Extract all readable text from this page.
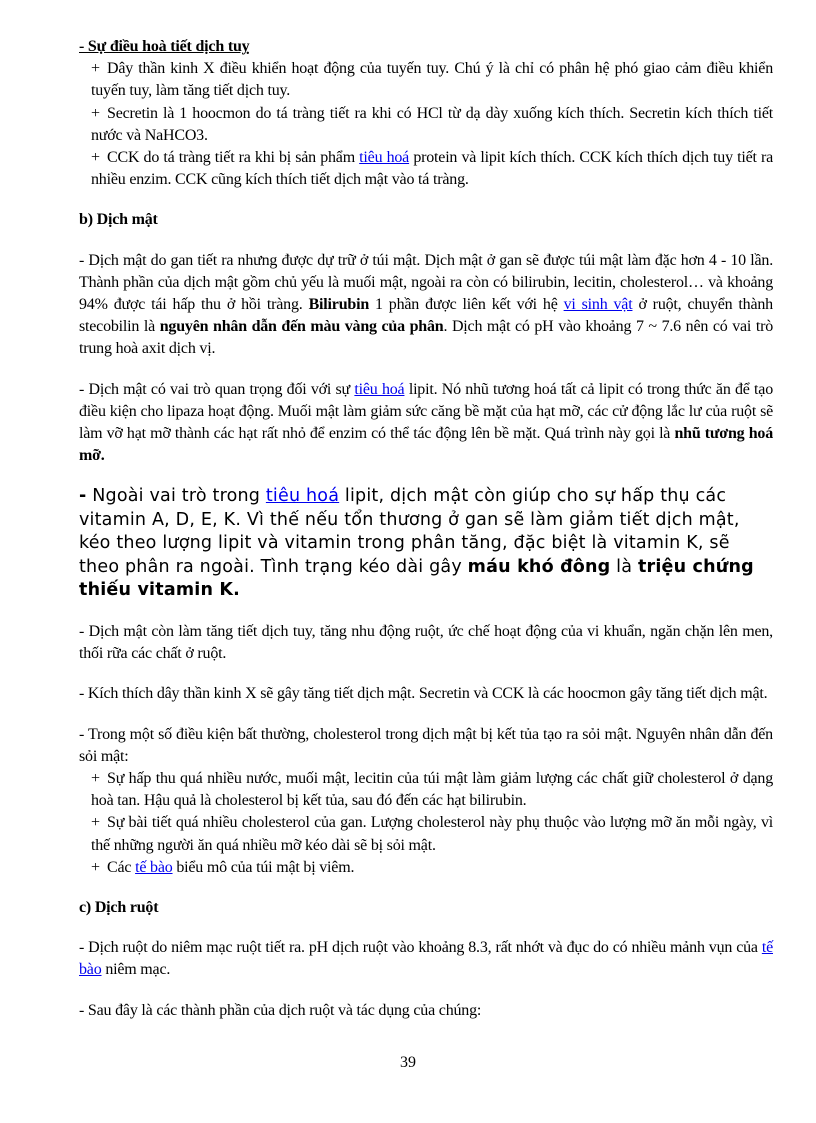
- Sự điều hoà tiết dịch tuỵ

+ Dây thần kinh X điều khiển hoạt động của tuyến tuy. Chú ý là chỉ có phân hệ phó giao cảm điều khiển tuyến tuy, làm tăng tiết dịch tuy.

+ Secretin là 1 hoocmon do tá tràng tiết ra khi có HCl từ dạ dày xuống kích thích. Secretin kích thích tiết nước và NaHCO3.

+ CCK do tá tràng tiết ra khi bị sản phẩm tiêu hoá protein và lipit kích thích. CCK kích thích dịch tuy tiết ra nhiều enzim. CCK cũng kích thích tiết dịch mật vào tá tràng.

b) Dịch mật

- Dịch mật do gan tiết ra nhưng được dự trữ ở túi mật. Dịch mật ở gan sẽ được túi mật làm đặc hơn 4 - 10 lần. Thành phần của dịch mật gồm chủ yếu là muối mật, ngoài ra còn có bilirubin, lecitin, cholesterol… và khoảng 94% được tái hấp thu ở hồi tràng. Bilirubin 1 phần được liên kết với hệ vi sinh vật ở ruột, chuyển thành stecobilin là nguyên nhân dẫn đến màu vàng của phân. Dịch mật có pH vào khoảng 7 ~ 7.6 nên có vai trò trung hoà axit dịch vị.

- Dịch mật có vai trò quan trọng đối với sự tiêu hoá lipit. Nó nhũ tương hoá tất cả lipit có trong thức ăn để tạo điều kiện cho lipaza hoạt động. Muối mật làm giảm sức căng bề mặt của hạt mỡ, các cử động lắc lư của ruột sẽ làm vỡ hạt mỡ thành các hạt rất nhỏ để enzim có thể tác động lên bề mặt. Quá trình này gọi là nhũ tương hoá mỡ.

- Ngoài vai trò trong tiêu hoá lipit, dịch mật còn giúp cho sự hấp thụ các vitamin A, D, E, K. Vì thế nếu tổn thương ở gan sẽ làm giảm tiết dịch mật, kéo theo lượng lipit và vitamin trong phân tăng, đặc biệt là vitamin K, sẽ theo phân ra ngoài. Tình trạng kéo dài gây máu khó đông là triệu chứng thiếu vitamin K.

- Dịch mật còn làm tăng tiết dịch tuy, tăng nhu động ruột, ức chế hoạt động của vi khuẩn, ngăn chặn lên men, thối rữa các chất ở ruột.

- Kích thích dây thần kinh X sẽ gây tăng tiết dịch mật. Secretin và CCK là các hoocmon gây tăng tiết dịch mật.

- Trong một số điều kiện bất thường, cholesterol trong dịch mật bị kết tủa tạo ra sỏi mật. Nguyên nhân dẫn đến sỏi mật:

+ Sự hấp thu quá nhiều nước, muối mật, lecitin của túi mật làm giảm lượng các chất giữ cholesterol ở dạng hoà tan. Hậu quả là cholesterol bị kết tủa, sau đó đến các hạt bilirubin.

+ Sự bài tiết quá nhiều cholesterol của gan. Lượng cholesterol này phụ thuộc vào lượng mỡ ăn mỗi ngày, vì thế những người ăn quá nhiều mỡ kéo dài sẽ bị sỏi mật.

+ Các tế bào biểu mô của túi mật bị viêm.

c) Dịch ruột

- Dịch ruột do niêm mạc ruột tiết ra. pH dịch ruột vào khoảng 8.3, rất nhớt và đục do có nhiều mảnh vụn của tế bào niêm mạc.

- Sau đây là các thành phần của dịch ruột và tác dụng của chúng:

39
